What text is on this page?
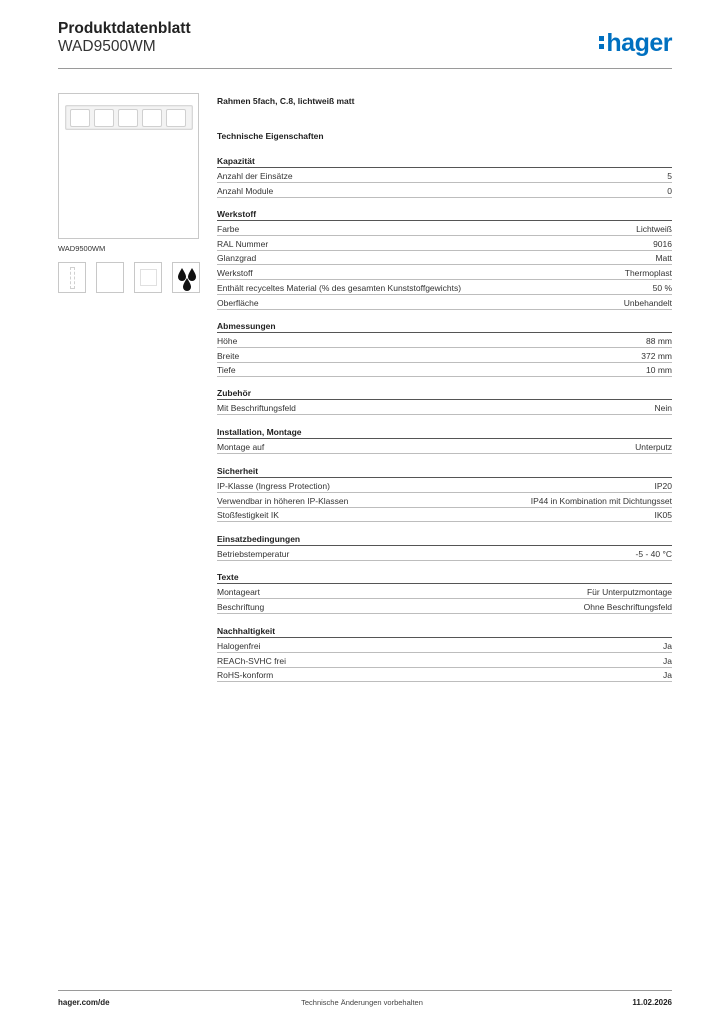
Produktdatenblatt
WAD9500WM	hager
WAD9500WM
Rahmen 5fach, C.8, lichtweiß matt
Technische Eigenschaften
Kapazität
Anzahl der Einsätze	5
Anzahl Module	0
Werkstoff
Farbe	Lichtweiß
RAL Nummer	9016
Glanzgrad	Matt
Werkstoff	Thermoplast
Enthält recyceltes Material (% des gesamten Kunststoffgewichts)	50 %
Oberfläche	Unbehandelt
Abmessungen
Höhe	88 mm
Breite	372 mm
Tiefe	10 mm
Zubehör
Mit Beschriftungsfeld	Nein
Installation, Montage
Montage auf	Unterputz
Sicherheit
IP-Klasse (Ingress Protection)	IP20
Verwendbar in höheren IP-Klassen	IP44 in Kombination mit Dichtungsset
Stoßfestigkeit IK	IK05
Einsatzbedingungen
Betriebstemperatur	-5 - 40 °C
Texte
Montageart	Für Unterputzmontage
Beschriftung	Ohne Beschriftungsfeld
Nachhaltigkeit
Halogenfrei	Ja
REACh-SVHC frei	Ja
RoHS-konform	Ja
hager.com/de	Technische Änderungen vorbehalten	11.02.2026
